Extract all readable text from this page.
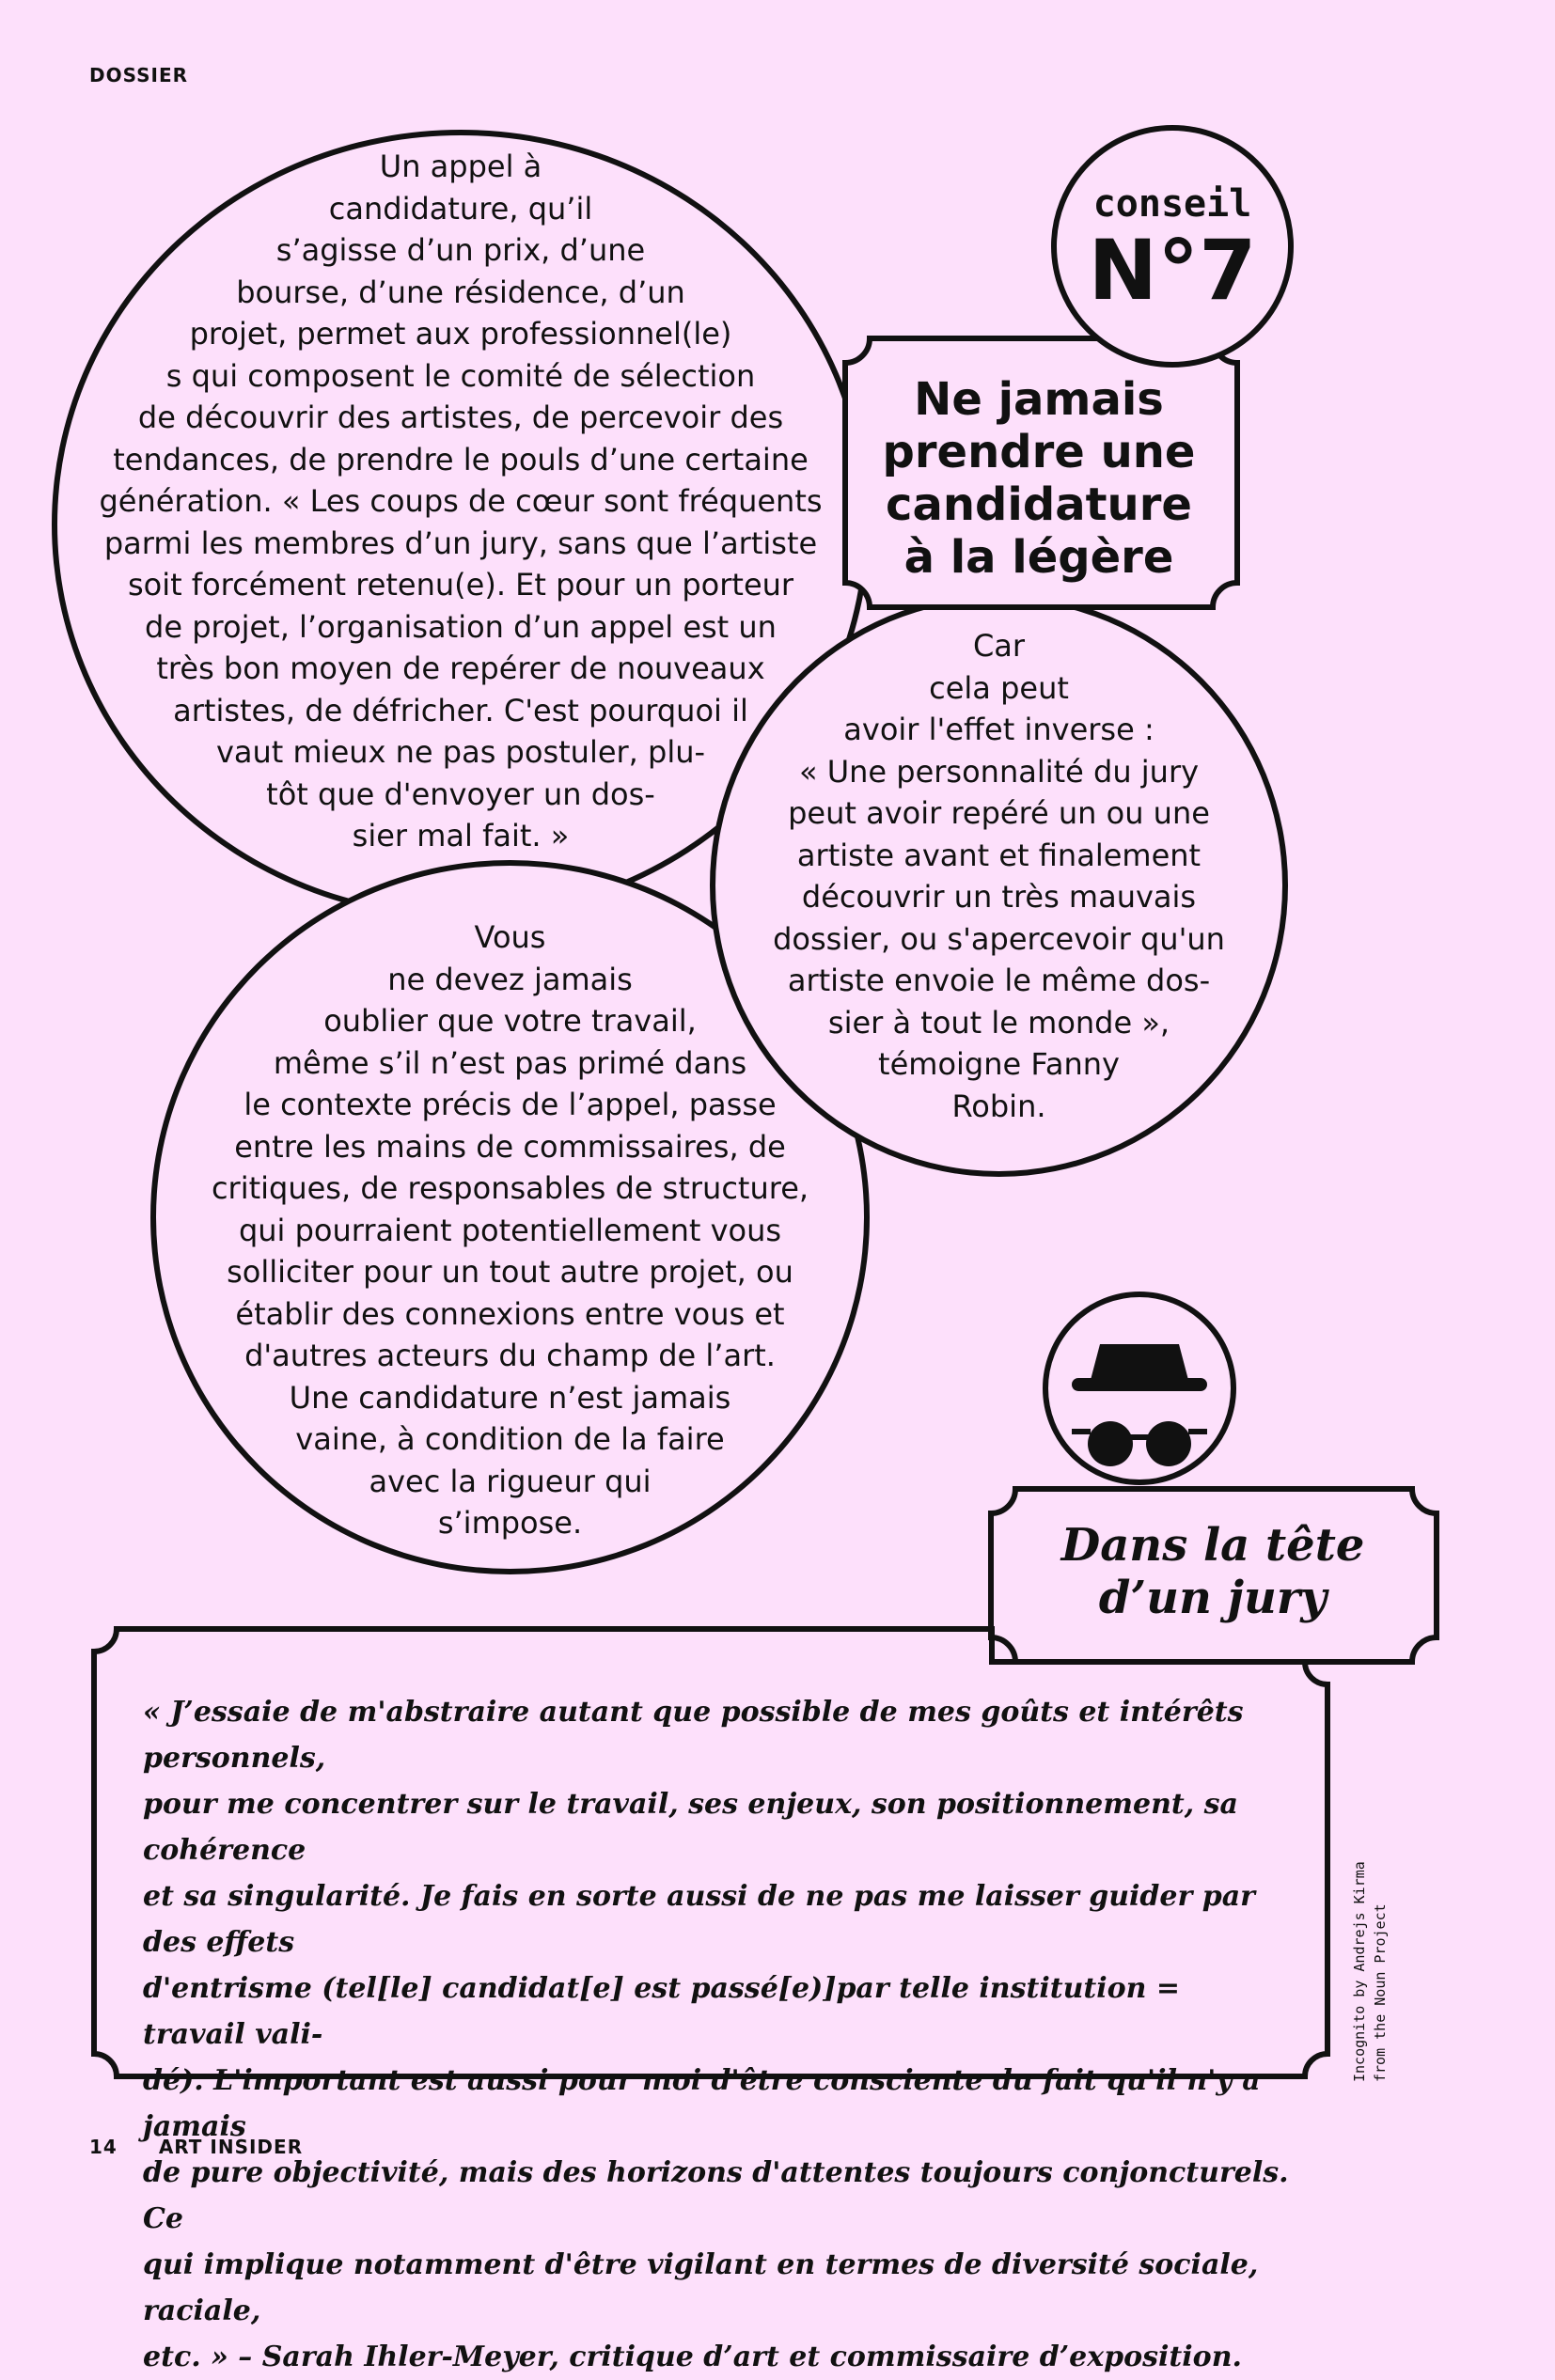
DOSSIER
Un appel à
candidature, qu’il
s’agisse d’un prix, d’une
bourse, d’une résidence, d’un
projet, permet aux professionnel(le)
s qui composent le comité de sélection
de découvrir des artistes, de percevoir des
tendances, de prendre le pouls d’une certaine
génération. « Les coups de cœur sont fréquents
parmi les membres d’un jury, sans que l’artiste
soit forcément retenu(e). Et pour un porteur
de projet, l’organisation d’un appel est un
très bon moyen de repérer de nouveaux
artistes, de défricher. C'est pourquoi il
vaut mieux ne pas postuler, plu-
tôt que d'envoyer un dos-
sier mal fait. »
Car
cela peut
avoir l'effet inverse :
« Une personnalité du jury
peut avoir repéré un ou une
artiste avant et finalement
découvrir un très mauvais
dossier, ou s'apercevoir qu'un
artiste envoie le même dos-
sier à tout le monde »,
témoigne Fanny
Robin.
Vous
ne devez jamais
oublier que votre travail,
même s’il n’est pas primé dans
le contexte précis de l’appel, passe
entre les mains de commissaires, de
critiques, de responsables de structure,
qui pourraient potentiellement vous
solliciter pour un tout autre projet, ou
établir des connexions entre vous et
d'autres acteurs du champ de l’art.
Une candidature n’est jamais
vaine, à condition de la faire
avec la rigueur qui
s’impose.
conseil
N°7
Ne jamais
prendre une
candidature
à la légère
Dans la tête
d’un jury
« J’essaie de m'abstraire autant que possible de mes goûts et intérêts personnels,
pour me concentrer sur le travail, ses enjeux, son positionnement, sa cohérence
et sa singularité. Je fais en sorte aussi de ne pas me laisser guider par des effets
d'entrisme (tel[le] candidat[e] est passé[e)]par telle institution = travail vali-
dé). L'important est aussi pour moi d'être consciente du fait qu'il n'y a jamais
de pure objectivité, mais des horizons d'attentes toujours conjoncturels. Ce
qui implique notamment d'être vigilant en termes de diversité sociale, raciale,
etc. » – Sarah Ihler-Meyer, critique d’art et commissaire d’exposition.
Incognito by Andrejs Kirma from the Noun Project
14 ART INSIDER
